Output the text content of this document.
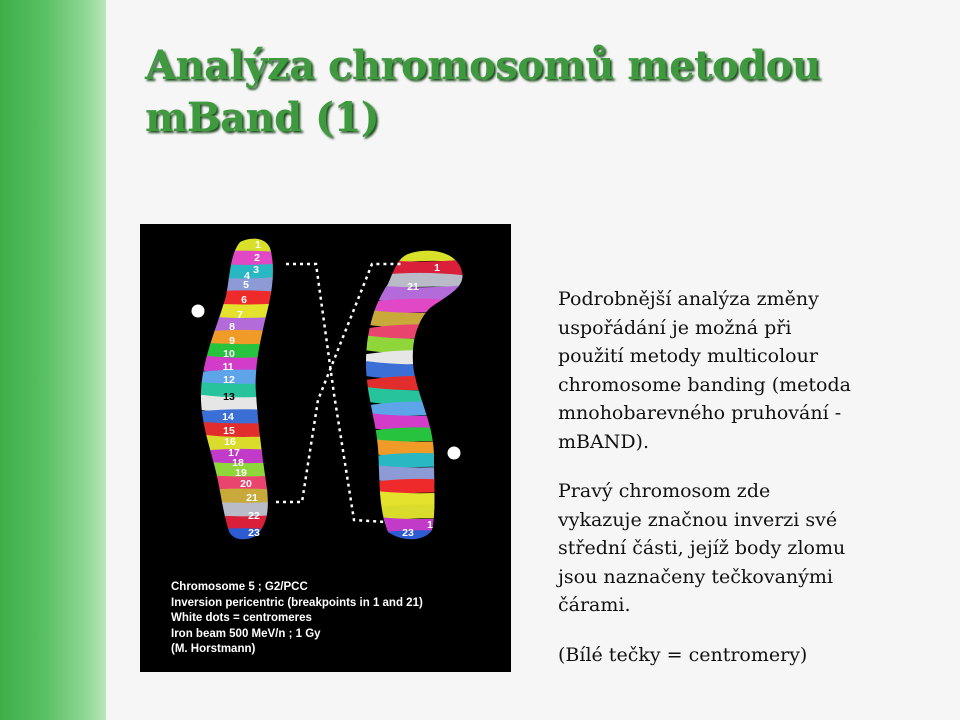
Analýza chromosomů metodou
mBand (1)
1
2
3
4
5
6
7
8
9
10
11
12
13
14
15
16
17
18
19
20
21
22
23
1
21
23
1
Chromosome 5 ; G2/PCC
Inversion pericentric (breakpoints in 1 and 21)
White dots = centromeres
Iron beam 500 MeV/n ; 1 Gy
(M. Horstmann)

Podrobnější analýza změny
uspořádání je možná při
použití metody multicolour
chromosome banding (metoda
mnohobarevného pruhování -
mBAND).

Pravý chromosom zde
vykazuje značnou inverzi své
střední části, jejíž body zlomu
jsou naznačeny tečkovanými
čárami.

(Bílé tečky = centromery)
